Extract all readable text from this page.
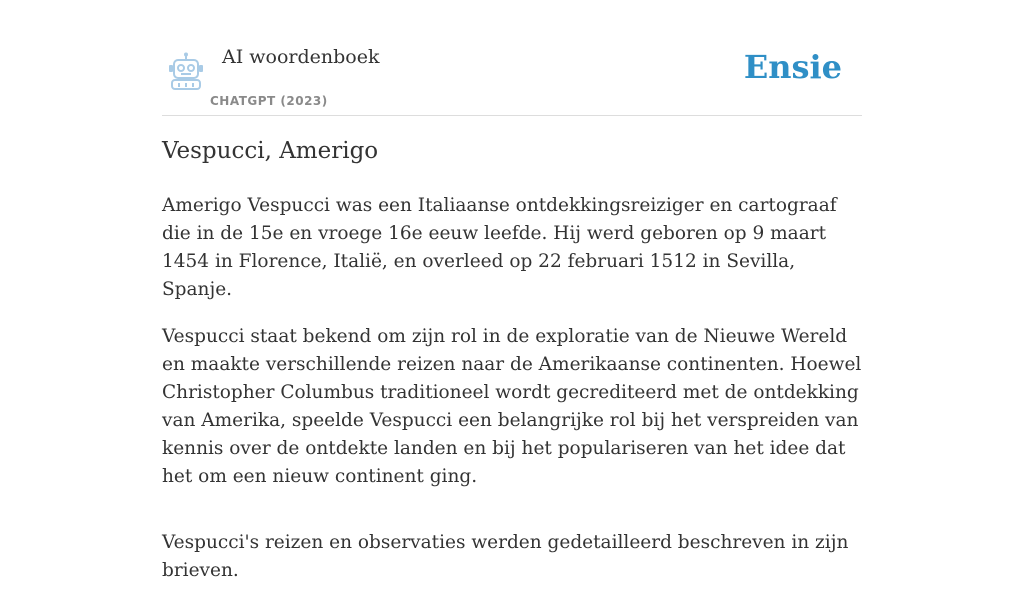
AI woordenboek
CHATGPT (2023)
Ensie
Vespucci, Amerigo

Amerigo Vespucci was een Italiaanse ontdekkingsreiziger en cartograaf die in de 15e en vroege 16e eeuw leefde. Hij werd geboren op 9 maart 1454 in Florence, Italië, en overleed op 22 februari 1512 in Sevilla, Spanje.

Vespucci staat bekend om zijn rol in de exploratie van de Nieuwe Wereld en maakte verschillende reizen naar de Amerikaanse continenten. Hoewel Christopher Columbus traditioneel wordt gecrediteerd met de ontdekking van Amerika, speelde Vespucci een belangrijke rol bij het verspreiden van kennis over de ontdekte landen en bij het populariseren van het idee dat het om een nieuw continent ging.

Vespucci's reizen en observaties werden gedetailleerd beschreven in zijn brieven.
